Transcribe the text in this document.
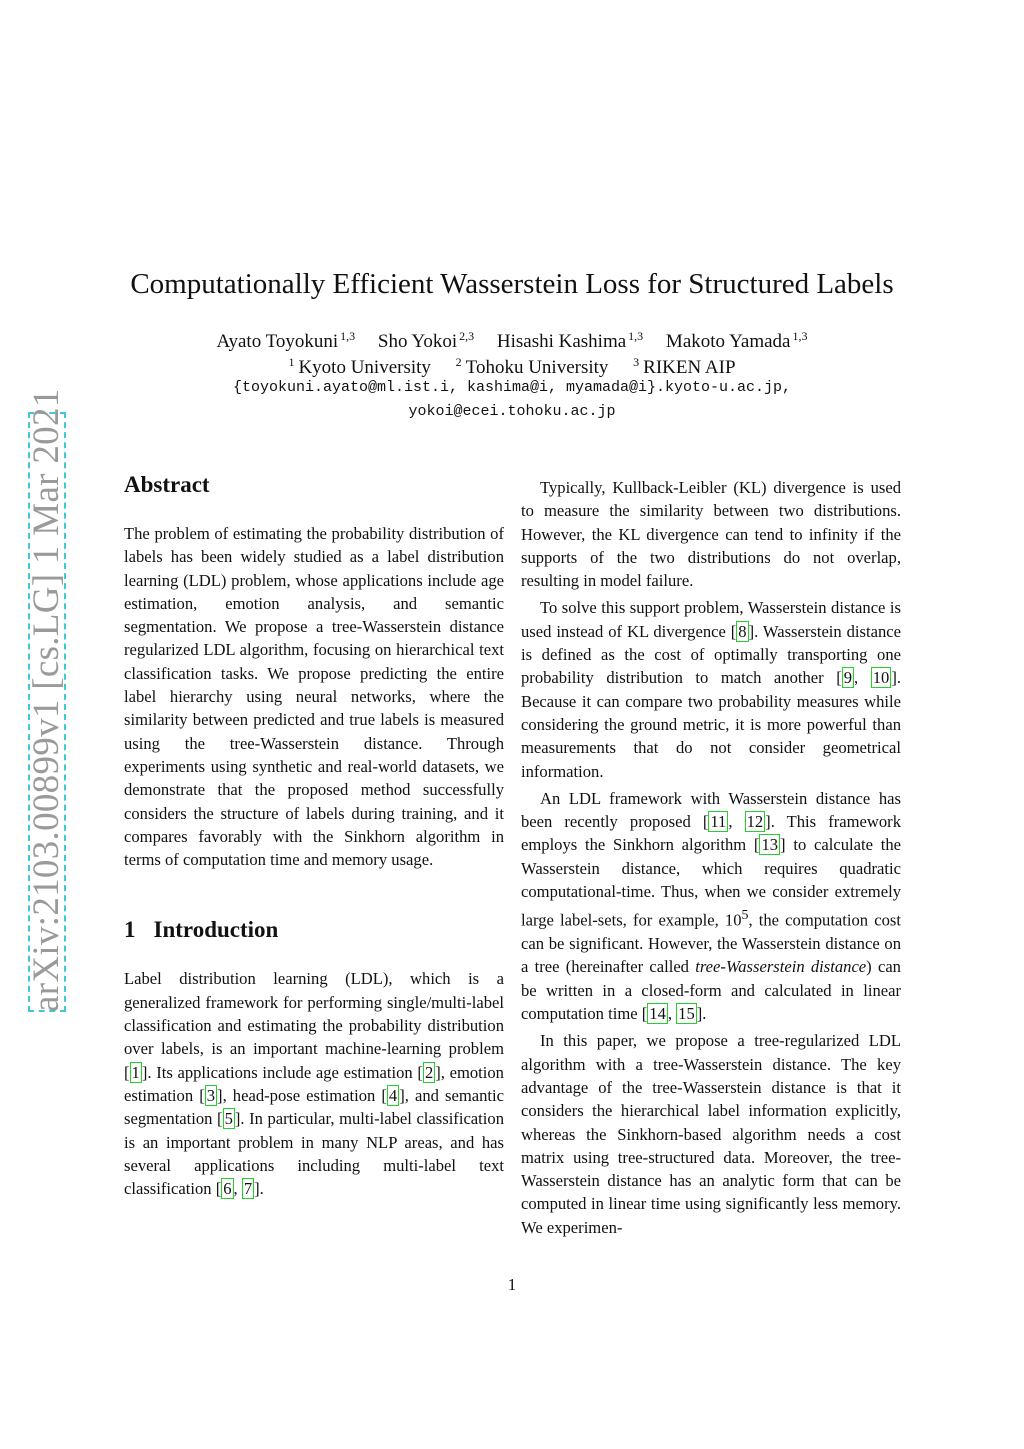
arXiv:2103.00899v1 [cs.LG] 1 Mar 2021
Computationally Efficient Wasserstein Loss for Structured Labels
Ayato Toyokuni $^{1,3}$ Sho Yokoi $^{2,3}$ Hisashi Kashima $^{1,3}$ Makoto Yamada $^{1,3}$
$^1$ Kyoto University $^2$ Tohoku University $^3$ RIKEN AIP
{toyokuni.ayato@ml.ist.i, kashima@i, myamada@i}.kyoto-u.ac.jp,
yokoi@ecei.tohoku.ac.jp
Abstract

The problem of estimating the probability distribution of labels has been widely studied as a label distribution learning (LDL) problem, whose applications include age estimation, emotion analysis, and semantic segmentation. We propose a tree-Wasserstein distance regularized LDL algorithm, focusing on hierarchical text classification tasks. We propose predicting the entire label hierarchy using neural networks, where the similarity between predicted and true labels is measured using the tree-Wasserstein distance. Through experiments using synthetic and real-world datasets, we demonstrate that the proposed method successfully considers the structure of labels during training, and it compares favorably with the Sinkhorn algorithm in terms of computation time and memory usage.

1 Introduction

Label distribution learning (LDL), which is a generalized framework for performing single/multi-label classification and estimating the probability distribution over labels, is an important machine-learning problem [ 1 ]. Its applications include age estimation [ 2 ], emotion estimation [ 3 ], head-pose estimation [ 4 ], and semantic segmentation [ 5 ]. In particular, multi-label classification is an important problem in many NLP areas, and has several applications including multi-label text classification [ 6 , 7 ].

Typically, Kullback-Leibler (KL) divergence is used to measure the similarity between two distributions. However, the KL divergence can tend to infinity if the supports of the two distributions do not overlap, resulting in model failure.

To solve this support problem, Wasserstein distance is used instead of KL divergence [ 8 ]. Wasserstein distance is defined as the cost of optimally transporting one probability distribution to match another [ 9 , 10 ]. Because it can compare two probability measures while considering the ground metric, it is more powerful than measurements that do not consider geometrical information.

An LDL framework with Wasserstein distance has been recently proposed [ 11 , 12 ]. This framework employs the Sinkhorn algorithm [ 13 ] to calculate the Wasserstein distance, which requires quadratic computational-time. Thus, when we consider extremely large label-sets, for example, $10^5$, the computation cost can be significant. However, the Wasserstein distance on a tree (hereinafter called tree-Wasserstein distance) can be written in a closed-form and calculated in linear computation time [ 14 , 15 ].

In this paper, we propose a tree-regularized LDL algorithm with a tree-Wasserstein distance. The key advantage of the tree-Wasserstein distance is that it considers the hierarchical label information explicitly, whereas the Sinkhorn-based algorithm needs a cost matrix using tree-structured data. Moreover, the tree-Wasserstein distance has an analytic form that can be computed in linear time using significantly less memory. We experimen-

1
